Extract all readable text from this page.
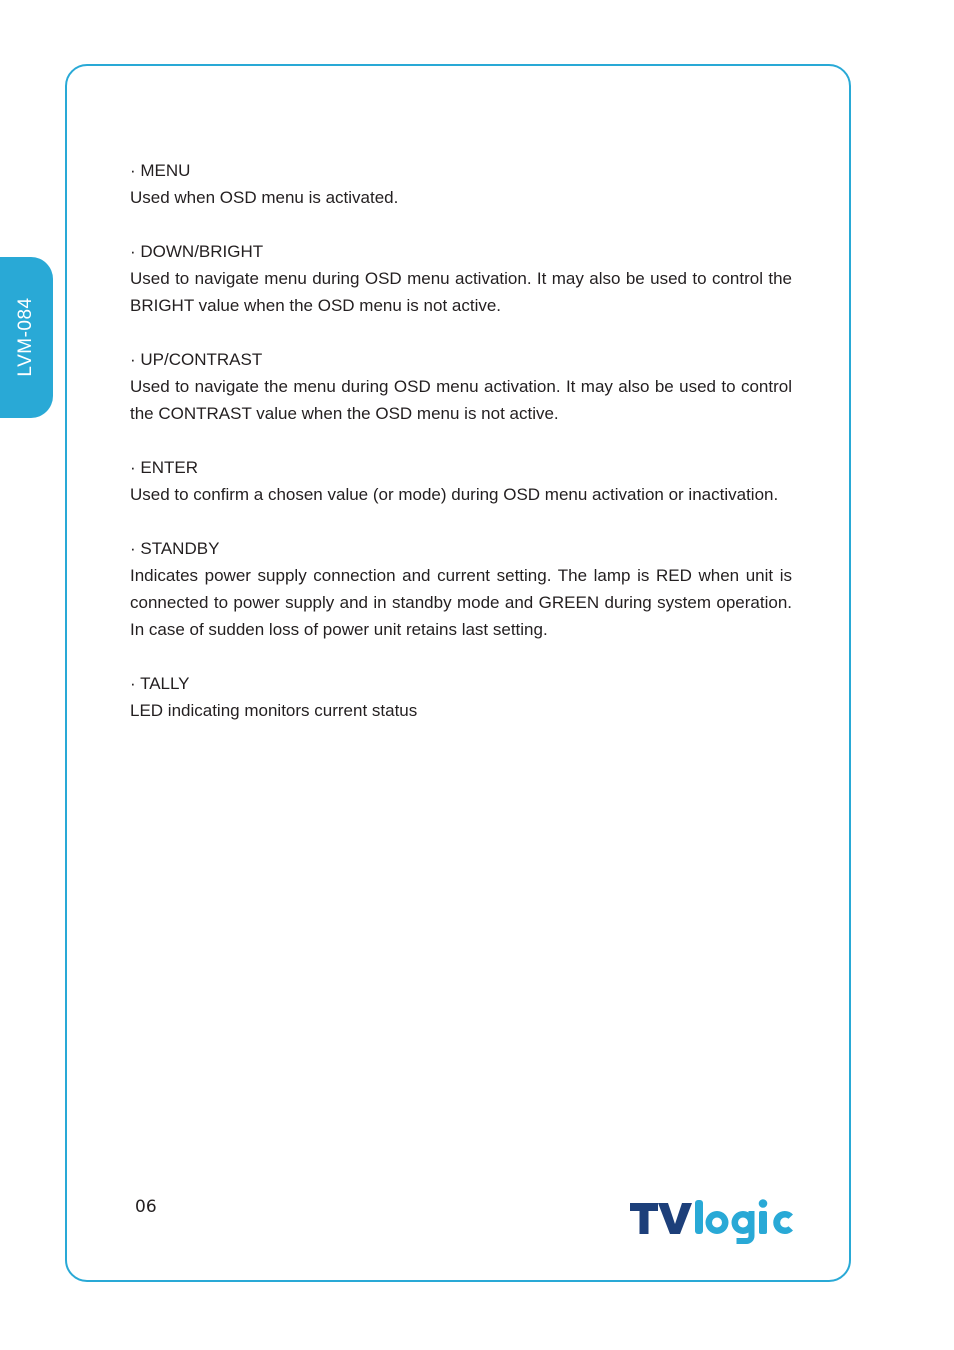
LVM-084
· MENU
Used when OSD menu is activated.
· DOWN/BRIGHT
Used to navigate menu during OSD menu activation. It may also be used to control the BRIGHT value when the OSD menu is not active.
· UP/CONTRAST
Used to navigate the menu during OSD menu activation. It may also be used to control the CONTRAST value when the OSD menu is not active.
· ENTER
Used to confirm a chosen value (or mode) during OSD menu activation or inactivation.
· STANDBY
Indicates power supply connection and current setting. The lamp is RED when unit is connected to power supply and in standby mode and GREEN during system operation. In case of sudden loss of power unit retains last setting.
· TALLY
LED indicating monitors current status
06
